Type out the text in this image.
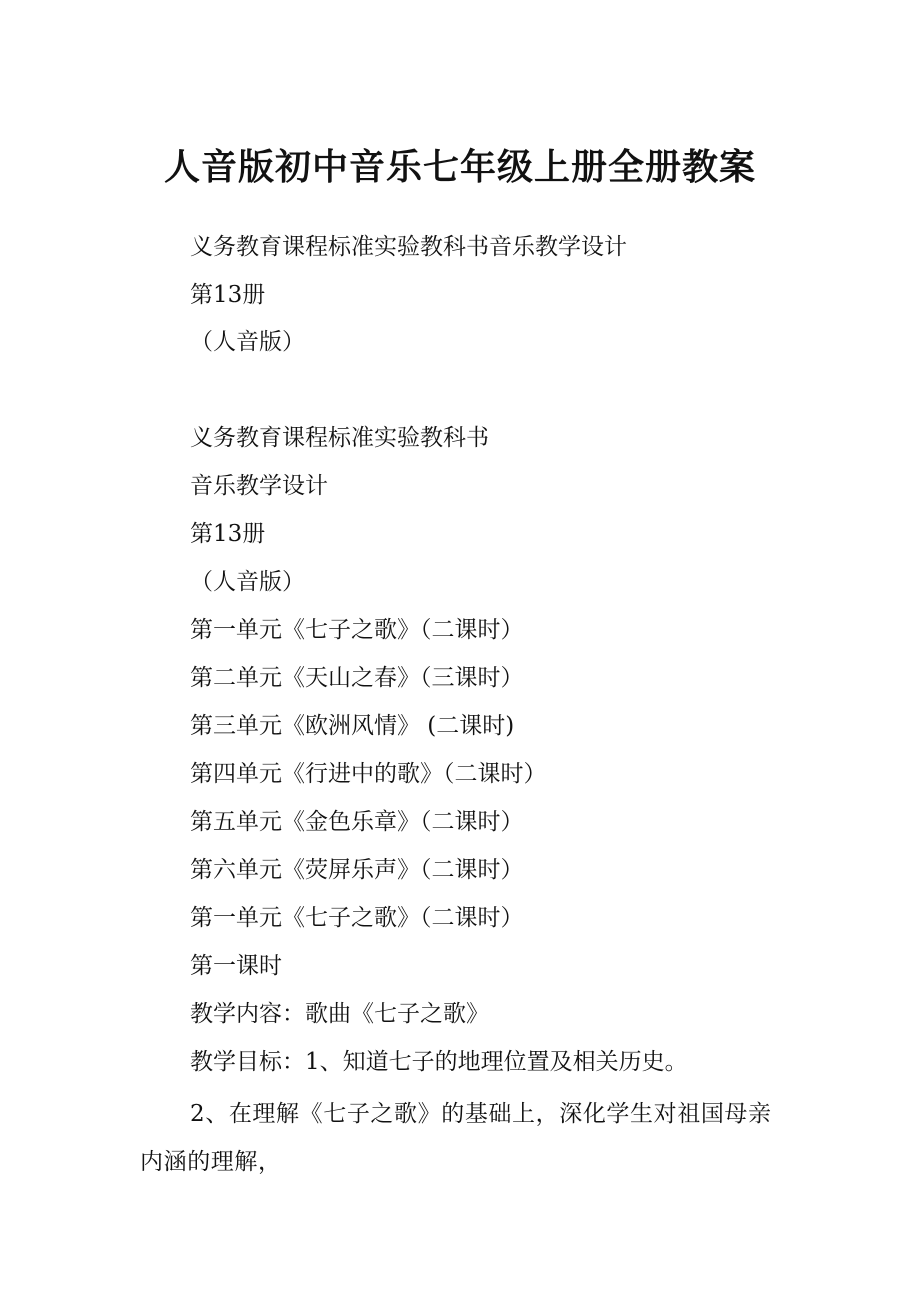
人音版初中音乐七年级上册全册教案
义务教育课程标准实验教科书音乐教学设计
第13册
（人音版）
义务教育课程标准实验教科书
音乐教学设计
第13册
（人音版）
第一单元《七子之歌》（二课时）
第二单元《天山之春》（三课时）
第三单元《欧洲风情》 (二课时)
第四单元《行进中的歌》（二课时）
第五单元《金色乐章》（二课时）
第六单元《荧屏乐声》（二课时）
第一单元《七子之歌》（二课时）
第一课时
教学内容：歌曲《七子之歌》
教学目标：1、知道七子的地理位置及相关历史。
2、在理解《七子之歌》的基础上，深化学生对祖国母亲内涵的理解，
